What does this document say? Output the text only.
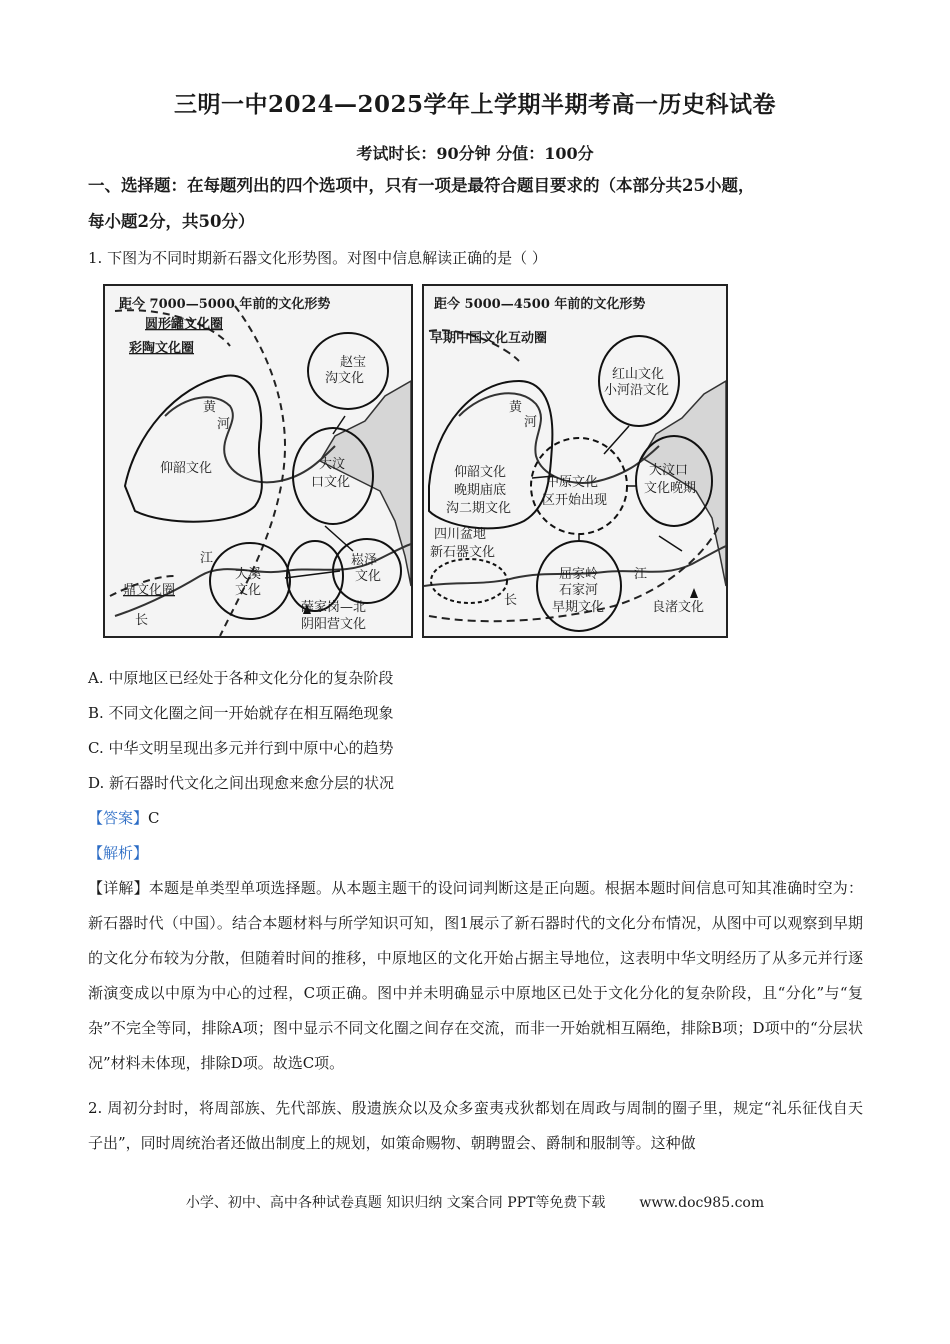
三明一中2024—2025学年上学期半期考高一历史科试卷
考试时长：90分钟 分值：100分
一、选择题：在每题列出的四个选项中，只有一项是最符合题目要求的（本部分共25小题，
每小题2分，共50分）
1. 下图为不同时期新石器文化形势图。对图中信息解读正确的是（ ）
距今 7000—5000 年前的文化形势
圆形罐文化圈
彩陶文化圈
赵宝
沟文化
黄
河
仰韶文化	大汶
口文化
江
大溪
文化
崧泽
文化
鼎文化圈
长
薛家岗—北
阴阳营文化
距今 5000—4500 年前的文化形势
早期中国文化互动圈
红山文化
小河沿文化
黄
河
仰韶文化
晚期庙底
沟二期文化
中原文化
区开始出现
大汶口
文化晚期
四川盆地
新石器文化
屈家岭
石家河
早期文化
江
长	良渚文化
A. 中原地区已经处于各种文化分化的复杂阶段
B. 不同文化圈之间一开始就存在相互隔绝现象
C. 中华文明呈现出多元并行到中原中心的趋势
D. 新石器时代文化之间出现愈来愈分层的状况
【答案】C
【解析】
【详解】本题是单类型单项选择题。从本题主题干的设问词判断这是正向题。根据本题时间信息可知其准确时空为：新石器时代（中国）。结合本题材料与所学知识可知，图1展示了新石器时代的文化分布情况，从图中可以观察到早期的文化分布较为分散，但随着时间的推移，中原地区的文化开始占据主导地位，这表明中华文明经历了从多元并行逐渐演变成以中原为中心的过程，C项正确。图中并未明确显示中原地区已处于文化分化的复杂阶段，且“分化”与“复杂”不完全等同，排除A项；图中显示不同文化圈之间存在交流，而非一开始就相互隔绝，排除B项；D项中的“分层状况”材料未体现，排除D项。故选C项。
2. 周初分封时，将周部族、先代部族、殷遗族众以及众多蛮夷戎狄都划在周政与周制的圈子里，规定“礼乐征伐自天子出”，同时周统治者还做出制度上的规划，如策命赐物、朝聘盟会、爵制和服制等。这种做
小学、初中、高中各种试卷真题 知识归纳 文案合同 PPT等免费下载 www.doc985.com
